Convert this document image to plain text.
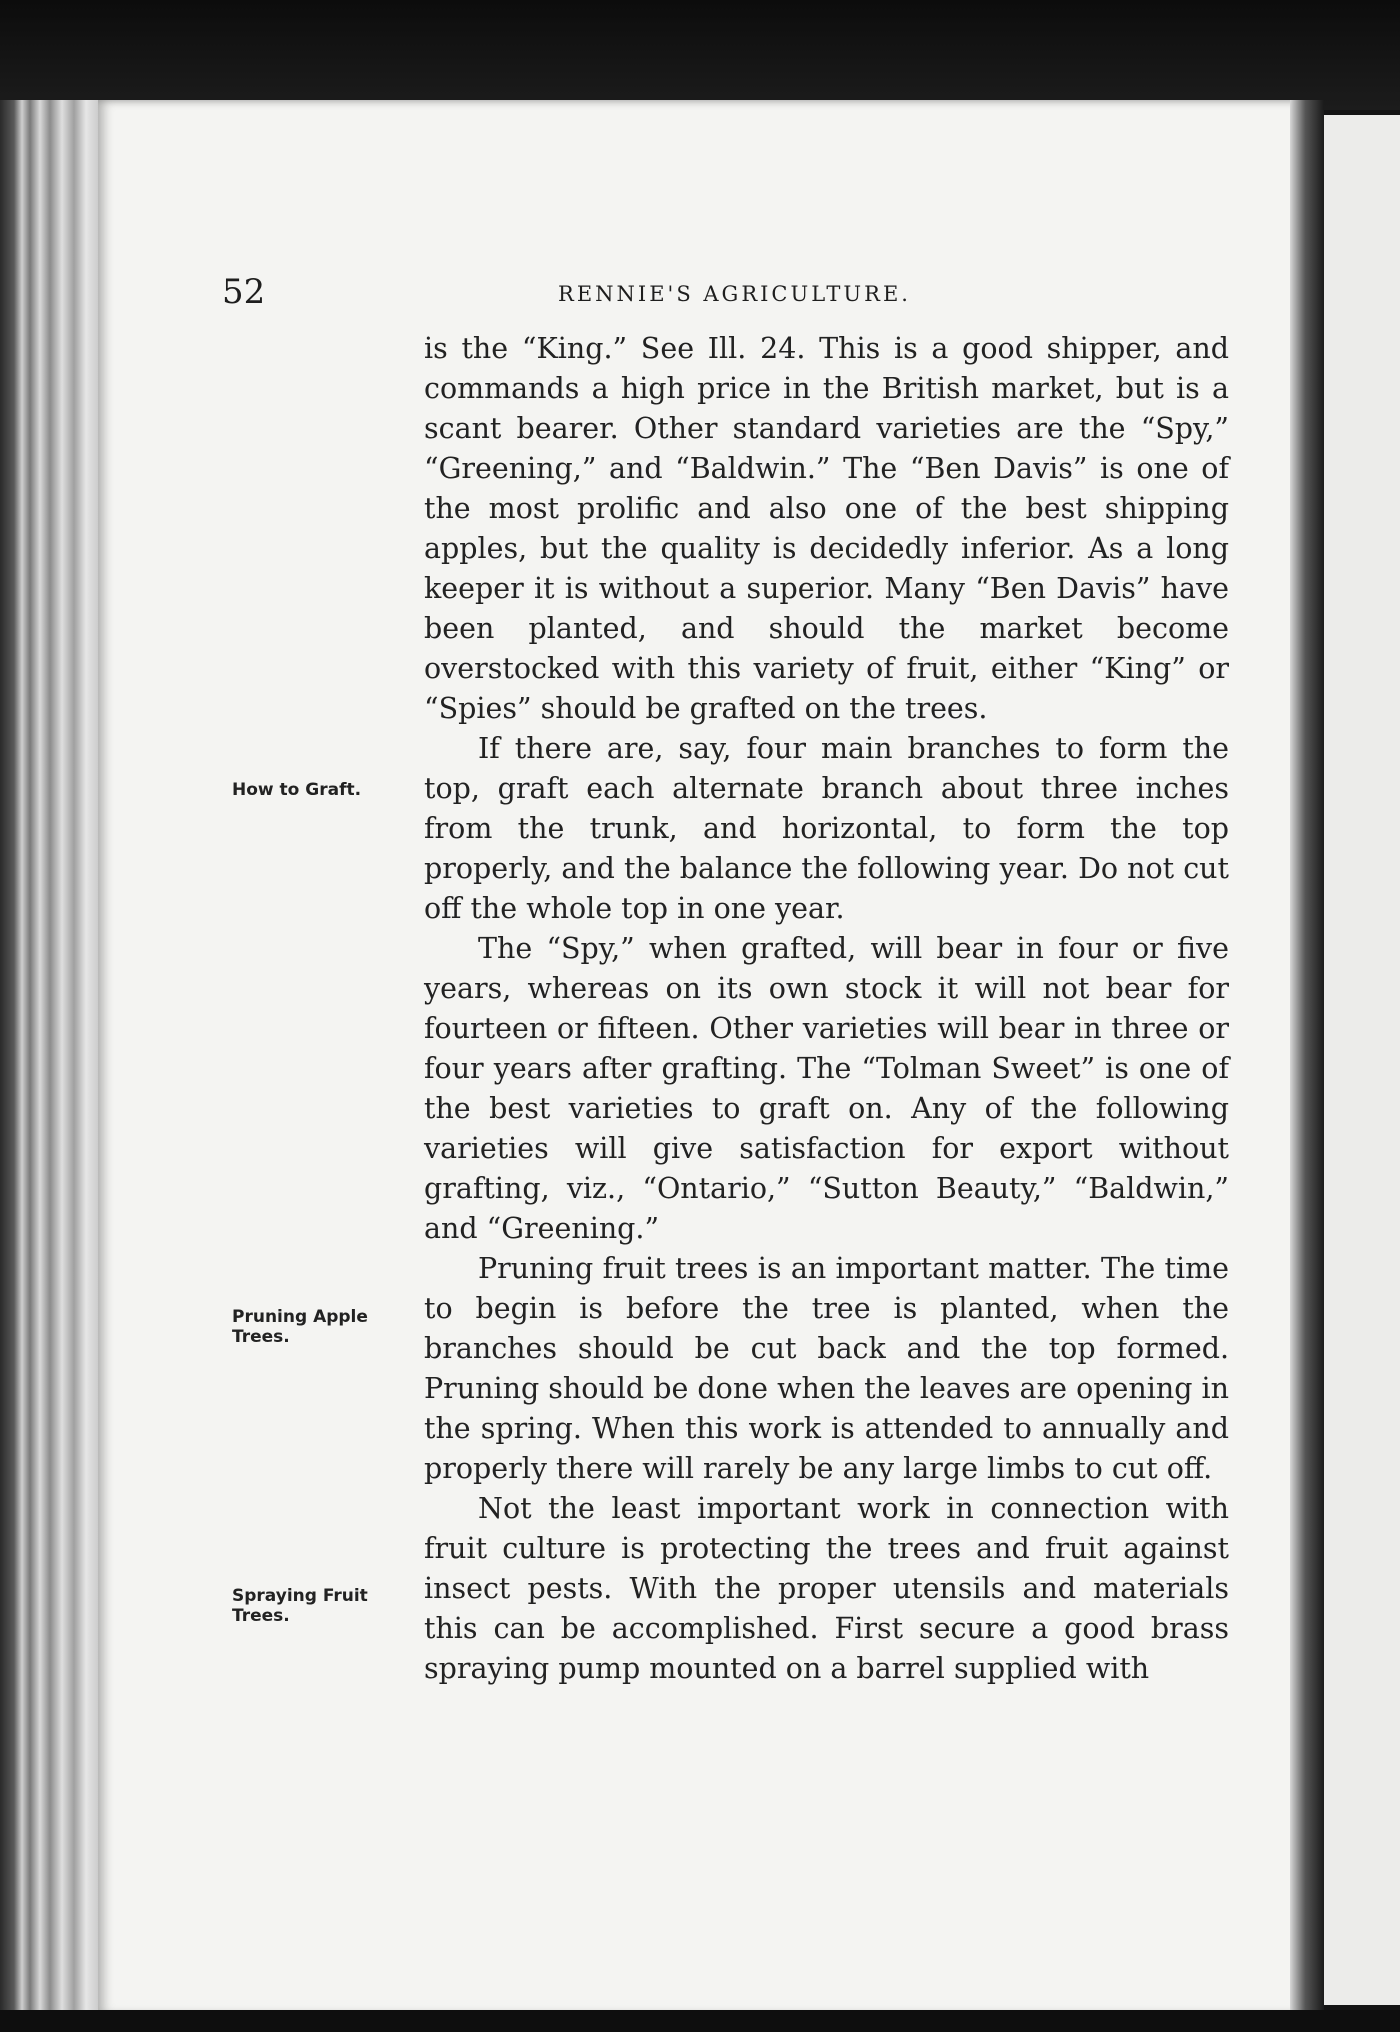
52	RENNIE'S AGRICULTURE.
How to Graft.
Pruning Apple Trees.
Spraying Fruit Trees.

is the “King.” See Ill. 24. This is a good shipper, and commands a high price in the British market, but is a scant bearer. Other standard varieties are the “Spy,” “Greening,” and “Baldwin.” The “Ben Davis” is one of the most prolific and also one of the best shipping apples, but the quality is decidedly inferior. As a long keeper it is without a superior. Many “Ben Davis” have been planted, and should the market become overstocked with this variety of fruit, either “King” or “Spies” should be grafted on the trees.

If there are, say, four main branches to form the top, graft each alternate branch about three inches from the trunk, and horizontal, to form the top properly, and the balance the following year. Do not cut off the whole top in one year.

The “Spy,” when grafted, will bear in four or five years, whereas on its own stock it will not bear for fourteen or fifteen. Other varieties will bear in three or four years after grafting. The “Tolman Sweet” is one of the best varieties to graft on. Any of the following varieties will give satisfaction for export without grafting, viz., “Ontario,” “Sutton Beauty,” “Baldwin,” and “Greening.”

Pruning fruit trees is an important matter. The time to begin is before the tree is planted, when the branches should be cut back and the top formed. Pruning should be done when the leaves are opening in the spring. When this work is attended to annually and properly there will rarely be any large limbs to cut off.

Not the least important work in connection with fruit culture is protecting the trees and fruit against insect pests. With the proper utensils and materials this can be accomplished. First secure a good brass spraying pump mounted on a barrel supplied with
